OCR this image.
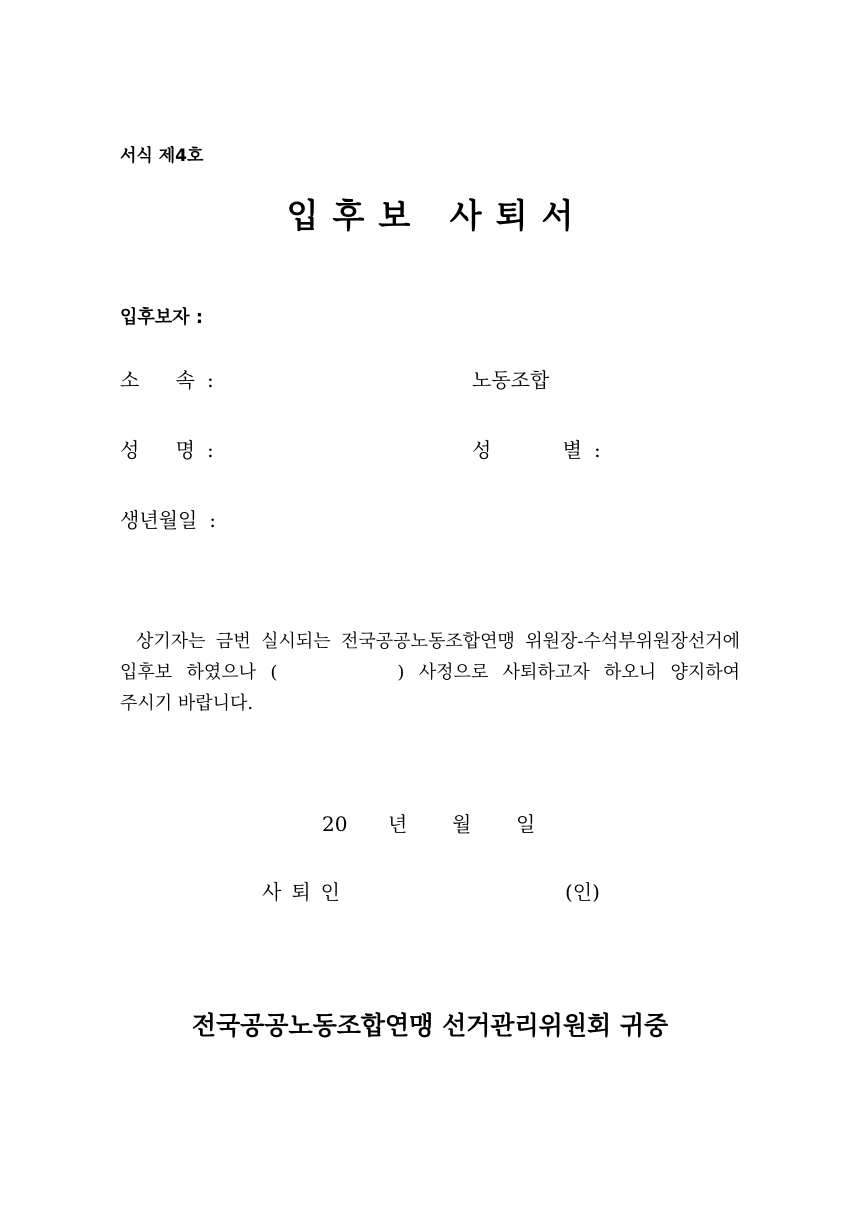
서식 제4호
입후보 사퇴서
입후보자 :
소 속 :	노동조합
성 명 :	성	별 :
생년월일 :
상기자는 금번 실시되는 전국공공노동조합연맹 위원장-수석부위원장선거에
입후보 하였으나 (	) 사정으로 사퇴하고자 하오니 양지하여
주시기 바랍니다.
20 년 월 일
사퇴인	(인)
전국공공노동조합연맹 선거관리위원회 귀중
